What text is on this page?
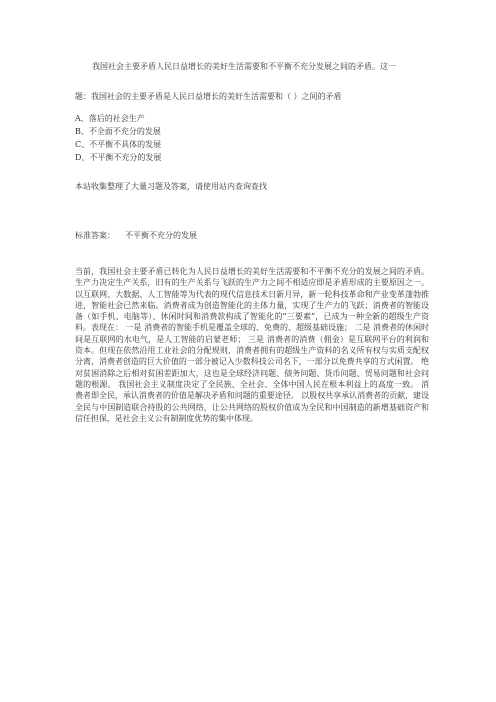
我国社会主要矛盾人民日益增长的美好生活需要和不平衡不充分发展之间的矛盾。这一
题：我国社会的主要矛盾是人民日益增长的美好生活需要和（ ）之间的矛盾
A、落后的社会生产
B、不全面不充分的发展
C、不平衡不具体的发展
D、不平衡不充分的发展
本站收集整理了大量习题及答案，请使用站内查询查找
标准答案： 不平衡不充分的发展
当前，我国社会主要矛盾已转化为人民日益增长的美好生活需要和不平衡不充分的发展之间的矛盾。生产力决定生产关系，旧有的生产关系与飞跃的生产力之间不相适应即是矛盾形成的主要原因之一。 以互联网、大数据、人工智能等为代表的现代信息技术日新月异，新一轮科技革命和产业变革蓬勃推进，智能社会已然来临。消费者成为创造智能化的主体力量，实现了生产力的飞跃；消费者的智能设备（如手机、电脑等）、休闲时间和消费款构成了智能化的“三要素”，已成为一种全新的超级生产资料。表现在： 一是 消费者的智能手机是覆盖全球的、免费的、超级基础设施； 二是 消费者的休闲时间是互联网的水电气，是人工智能的启蒙老师； 三是 消费者的消费（佣金）是互联网平台的利润和资本。但现在依然沿用工业社会的分配规则，消费者拥有的超级生产资料的名义所有权与实质支配权分离，消费者创造的巨大价值的一部分被记入少数科技公司名下，一部分以免费共享的方式闲置。 绝对贫困消除之后相对贫困差距加大，这也是全球经济问题、债务问题、货币问题、贸易问题和社会问题的根源。 我国社会主义制度决定了全民族、全社会、全体中国人民在根本利益上的高度一致。 消费者即全民，承认消费者的价值是解决矛盾和问题的重要途径。 以股权共享承认消费者的贡献，建设全民与中国制造联合持股的公共网络，让公共网络的股权价值成为全民和中国制造的新增基础资产和信任担保，是社会主义公有制制度优势的集中体现。
